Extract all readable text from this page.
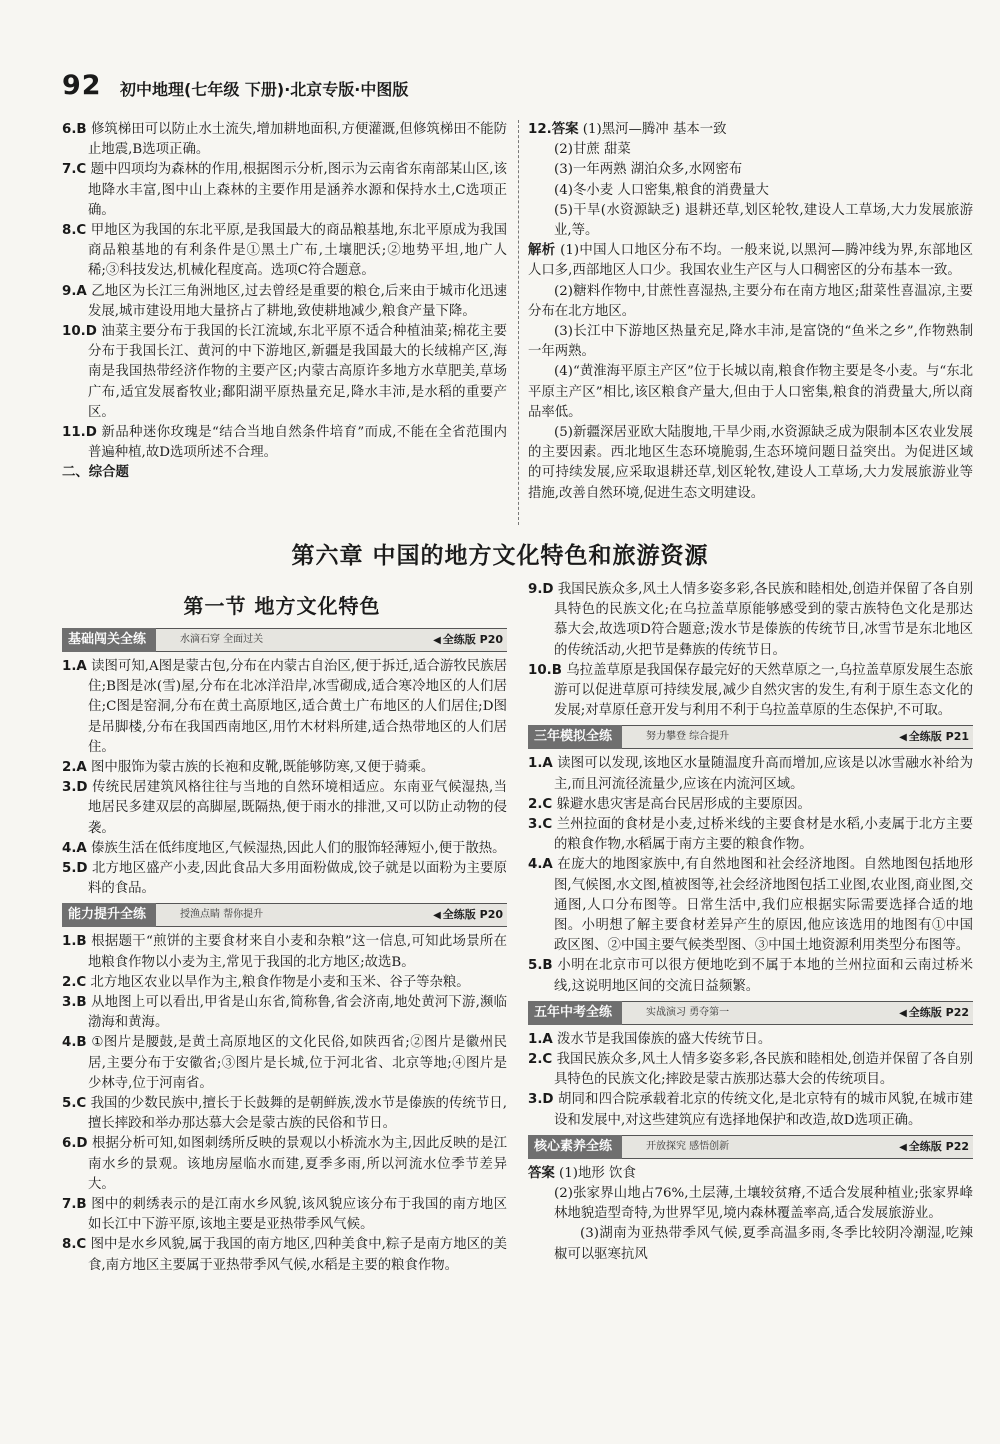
92 初中地理(七年级 下册)·北京专版·中图版

6.B 修筑梯田可以防止水土流失,增加耕地面积,方便灌溉,但修筑梯田不能防止地震,B选项正确。

7.C 题中四项均为森林的作用,根据图示分析,图示为云南省东南部某山区,该地降水丰富,图中山上森林的主要作用是涵养水源和保持水土,C选项正确。

8.C 甲地区为我国的东北平原,是我国最大的商品粮基地,东北平原成为我国商品粮基地的有利条件是①黑土广布,土壤肥沃;②地势平坦,地广人稀;③科技发达,机械化程度高。选项C符合题意。

9.A 乙地区为长江三角洲地区,过去曾经是重要的粮仓,后来由于城市化迅速发展,城市建设用地大量挤占了耕地,致使耕地减少,粮食产量下降。

10.D 油菜主要分布于我国的长江流域,东北平原不适合种植油菜;棉花主要分布于我国长江、黄河的中下游地区,新疆是我国最大的长绒棉产区,海南是我国热带经济作物的主要产区;内蒙古高原许多地方水草肥美,草场广布,适宜发展畜牧业;鄱阳湖平原热量充足,降水丰沛,是水稻的重要产区。

11.D 新品种迷你玫瑰是“结合当地自然条件培育”而成,不能在全省范围内普遍种植,故D选项所述不合理。

二、综合题

12.答案 (1)黑河—腾冲 基本一致

(2)甘蔗 甜菜

(3)一年两熟 湖泊众多,水网密布

(4)冬小麦 人口密集,粮食的消费量大

(5)干旱(水资源缺乏) 退耕还草,划区轮牧,建设人工草场,大力发展旅游业,等。

解析 (1)中国人口地区分布不均。一般来说,以黑河—腾冲线为界,东部地区人口多,西部地区人口少。我国农业生产区与人口稠密区的分布基本一致。

(2)糖料作物中,甘蔗性喜湿热,主要分布在南方地区;甜菜性喜温凉,主要分布在北方地区。

(3)长江中下游地区热量充足,降水丰沛,是富饶的“鱼米之乡”,作物熟制一年两熟。

(4)“黄淮海平原主产区”位于长城以南,粮食作物主要是冬小麦。与“东北平原主产区”相比,该区粮食产量大,但由于人口密集,粮食的消费量大,所以商品率低。

(5)新疆深居亚欧大陆腹地,干旱少雨,水资源缺乏成为限制本区农业发展的主要因素。西北地区生态环境脆弱,生态环境问题日益突出。为促进区域的可持续发展,应采取退耕还草,划区轮牧,建设人工草场,大力发展旅游业等措施,改善自然环境,促进生态文明建设。

第六章 中国的地方文化特色和旅游资源
第一节 地方文化特色
基础闯关全练	水滴石穿 全面过关	◀ 全练版 P20

1.A 读图可知,A图是蒙古包,分布在内蒙古自治区,便于拆迁,适合游牧民族居住;B图是冰(雪)屋,分布在北冰洋沿岸,冰雪砌成,适合寒冷地区的人们居住;C图是窑洞,分布在黄土高原地区,适合黄土广布地区的人们居住;D图是吊脚楼,分布在我国西南地区,用竹木材料所建,适合热带地区的人们居住。

2.A 图中服饰为蒙古族的长袍和皮靴,既能够防寒,又便于骑乘。

3.D 传统民居建筑风格往往与当地的自然环境相适应。东南亚气候湿热,当地居民多建双层的高脚屋,既隔热,便于雨水的排泄,又可以防止动物的侵袭。

4.A 傣族生活在低纬度地区,气候湿热,因此人们的服饰轻薄短小,便于散热。

5.D 北方地区盛产小麦,因此食品大多用面粉做成,饺子就是以面粉为主要原料的食品。

能力提升全练	授渔点睛 帮你提升	◀ 全练版 P20

1.B 根据题干“煎饼的主要食材来自小麦和杂粮”这一信息,可知此场景所在地粮食作物以小麦为主,常见于我国的北方地区;故选B。

2.C 北方地区农业以旱作为主,粮食作物是小麦和玉米、谷子等杂粮。

3.B 从地图上可以看出,甲省是山东省,简称鲁,省会济南,地处黄河下游,濒临渤海和黄海。

4.B ①图片是腰鼓,是黄土高原地区的文化民俗,如陕西省;②图片是徽州民居,主要分布于安徽省;③图片是长城,位于河北省、北京等地;④图片是少林寺,位于河南省。

5.C 我国的少数民族中,擅长于长鼓舞的是朝鲜族,泼水节是傣族的传统节日,擅长摔跤和举办那达慕大会是蒙古族的民俗和节日。

6.D 根据分析可知,如图刺绣所反映的景观以小桥流水为主,因此反映的是江南水乡的景观。该地房屋临水而建,夏季多雨,所以河流水位季节差异大。

7.B 图中的刺绣表示的是江南水乡风貌,该风貌应该分布于我国的南方地区如长江中下游平原,该地主要是亚热带季风气候。

8.C 图中是水乡风貌,属于我国的南方地区,四种美食中,粽子是南方地区的美食,南方地区主要属于亚热带季风气候,水稻是主要的粮食作物。

9.D 我国民族众多,风土人情多姿多彩,各民族和睦相处,创造并保留了各自别具特色的民族文化;在乌拉盖草原能够感受到的蒙古族特色文化是那达慕大会,故选项D符合题意;泼水节是傣族的传统节日,冰雪节是东北地区的传统活动,火把节是彝族的传统节日。

10.B 乌拉盖草原是我国保存最完好的天然草原之一,乌拉盖草原发展生态旅游可以促进草原可持续发展,减少自然灾害的发生,有利于原生态文化的发展;对草原任意开发与利用不利于乌拉盖草原的生态保护,不可取。

三年模拟全练	努力攀登 综合提升	◀ 全练版 P21

1.A 读图可以发现,该地区水量随温度升高而增加,应该是以冰雪融水补给为主,而且河流径流量少,应该在内流河区域。

2.C 躲避水患灾害是高台民居形成的主要原因。

3.C 兰州拉面的食材是小麦,过桥米线的主要食材是水稻,小麦属于北方主要的粮食作物,水稻属于南方主要的粮食作物。

4.A 在庞大的地图家族中,有自然地图和社会经济地图。自然地图包括地形图,气候图,水文图,植被图等,社会经济地图包括工业图,农业图,商业图,交通图,人口分布图等。日常生活中,我们应根据实际需要选择合适的地图。小明想了解主要食材差异产生的原因,他应该选用的地图有①中国政区图、②中国主要气候类型图、③中国土地资源利用类型分布图等。

5.B 小明在北京市可以很方便地吃到不属于本地的兰州拉面和云南过桥米线,这说明地区间的交流日益频繁。

五年中考全练	实战演习 勇夺第一	◀ 全练版 P22

1.A 泼水节是我国傣族的盛大传统节日。

2.C 我国民族众多,风土人情多姿多彩,各民族和睦相处,创造并保留了各自别具特色的民族文化;摔跤是蒙古族那达慕大会的传统项目。

3.D 胡同和四合院承载着北京的传统文化,是北京特有的城市风貌,在城市建设和发展中,对这些建筑应有选择地保护和改造,故D选项正确。

核心素养全练	开放探究 感悟创新	◀ 全练版 P22

答案 (1)地形 饮食

(2)张家界山地占76%,土层薄,土壤较贫瘠,不适合发展种植业;张家界峰林地貌造型奇特,为世界罕见,境内森林覆盖率高,适合发展旅游业。

(3)湖南为亚热带季风气候,夏季高温多雨,冬季比较阴冷潮湿,吃辣椒可以驱寒抗风
